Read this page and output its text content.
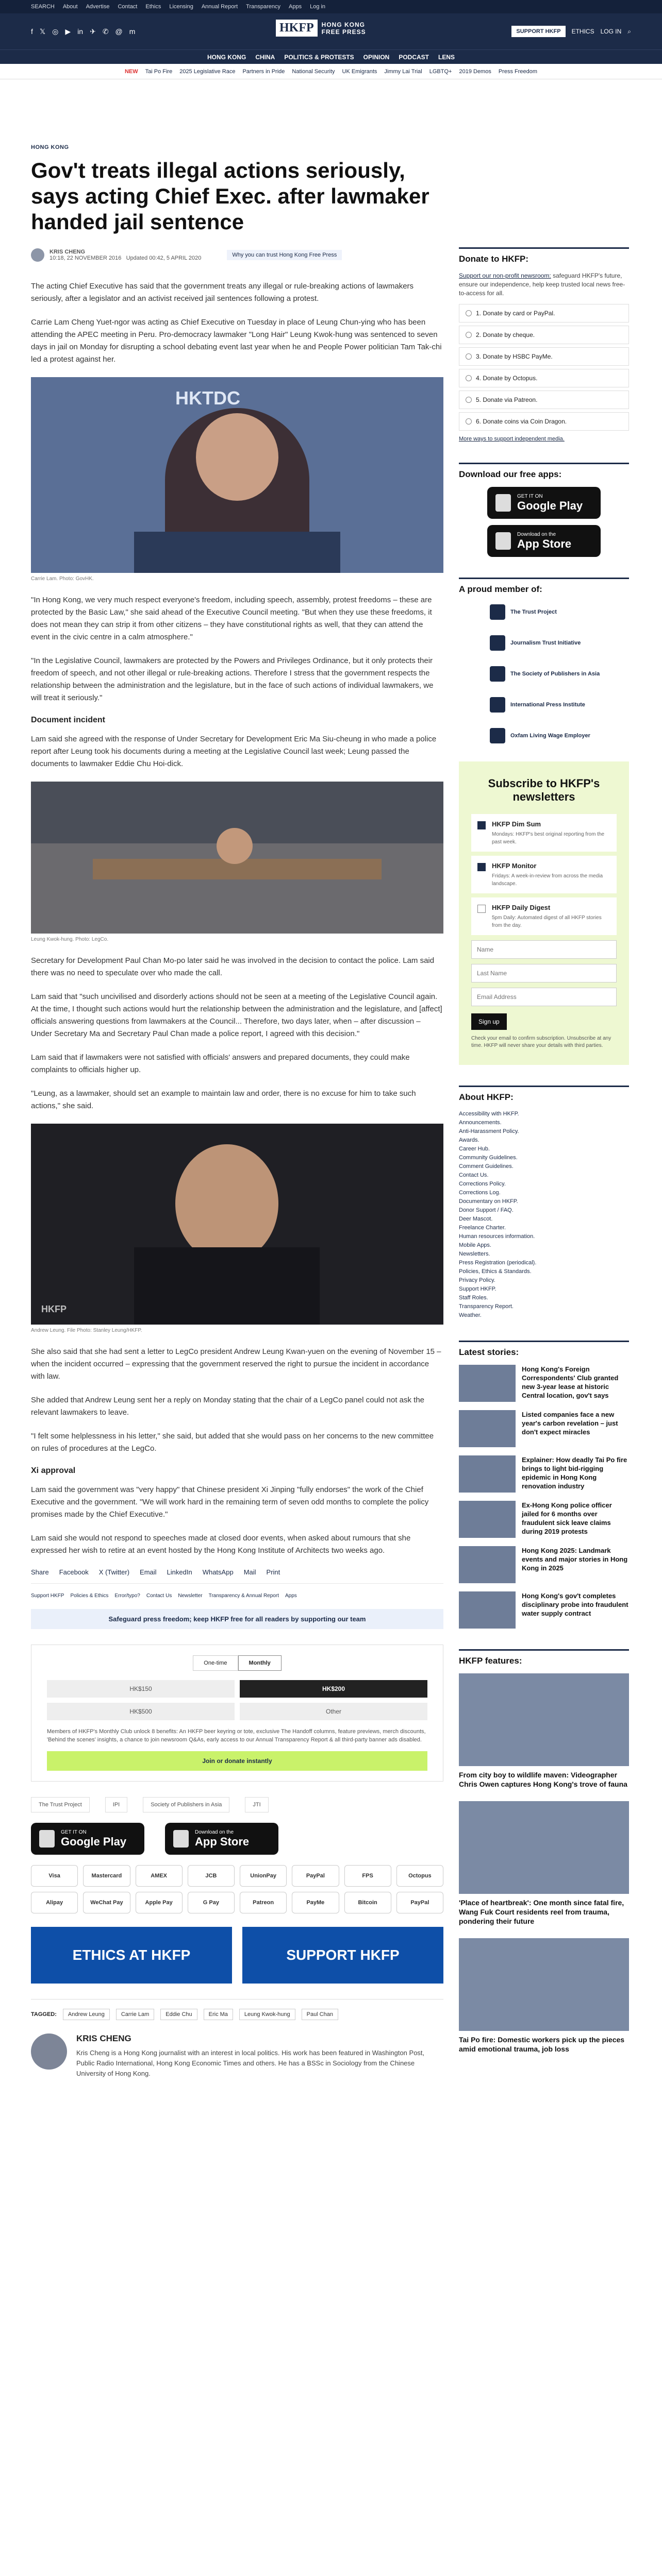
SEARCH About Advertise Contact Ethics Licensing Annual Report Transparency Apps Log in
f 𝕏 ◎ ▶ in ✈ ✆ @ m	HKFP	HONG KONG
FREE PRESS	SUPPORT HKFP	ETHICS LOG IN ⌕
HONG KONG CHINA POLITICS & PROTESTS OPINION PODCAST LENS
NEW Tai Po Fire 2025 Legislative Race Partners in Pride National Security UK Emigrants Jimmy Lai Trial LGBTQ+ 2019 Demos Press Freedom
HONG KONG
Gov't treats illegal actions seriously, says acting Chief Exec. after lawmaker handed jail sentence
KRIS CHENG
10:18, 22 NOVEMBER 2016 Updated 00:42, 5 APRIL 2020	Why you can trust Hong Kong Free Press

The acting Chief Executive has said that the government treats any illegal or rule-breaking actions of lawmakers seriously, after a legislator and an activist received jail sentences following a protest.

Carrie Lam Cheng Yuet-ngor was acting as Chief Executive on Tuesday in place of Leung Chun-ying who has been attending the APEC meeting in Peru. Pro-democracy lawmaker "Long Hair" Leung Kwok-hung was sentenced to seven days in jail on Monday for disrupting a school debating event last year when he and People Power politician Tam Tak-chi led a protest against her.

HKTDC
Carrie Lam. Photo: GovHK.

"In Hong Kong, we very much respect everyone's freedom, including speech, assembly, protest freedoms – these are protected by the Basic Law," she said ahead of the Executive Council meeting. "But when they use these freedoms, it does not mean they can strip it from other citizens – they have constitutional rights as well, that they can attend the event in the civic centre in a calm atmosphere."

"In the Legislative Council, lawmakers are protected by the Powers and Privileges Ordinance, but it only protects their freedom of speech, and not other illegal or rule-breaking actions. Therefore I stress that the government respects the relationship between the administration and the legislature, but in the face of such actions of individual lawmakers, we will treat it seriously."

Document incident

Lam said she agreed with the response of Under Secretary for Development Eric Ma Siu-cheung in who made a police report after Leung took his documents during a meeting at the Legislative Council last week; Leung passed the documents to lawmaker Eddie Chu Hoi-dick.

Leung Kwok-hung. Photo: LegCo.

Secretary for Development Paul Chan Mo-po later said he was involved in the decision to contact the police. Lam said there was no need to speculate over who made the call.

Lam said that "such uncivilised and disorderly actions should not be seen at a meeting of the Legislative Council again. At the time, I thought such actions would hurt the relationship between the administration and the legislature, and [affect] officials answering questions from lawmakers at the Council... Therefore, two days later, when – after discussion – Under Secretary Ma and Secretary Paul Chan made a police report, I agreed with this decision."

Lam said that if lawmakers were not satisfied with officials' answers and prepared documents, they could make complaints to officials higher up.

"Leung, as a lawmaker, should set an example to maintain law and order, there is no excuse for him to take such actions," she said.

HKFP
Andrew Leung. File Photo: Stanley Leung/HKFP.

She also said that she had sent a letter to LegCo president Andrew Leung Kwan-yuen on the evening of November 15 – when the incident occurred – expressing that the government reserved the right to pursue the incident in accordance with law.

She added that Andrew Leung sent her a reply on Monday stating that the chair of a LegCo panel could not ask the relevant lawmakers to leave.

"I felt some helplessness in his letter," she said, but added that she would pass on her concerns to the new committee on rules of procedures at the LegCo.

Xi approval

Lam said the government was "very happy" that Chinese president Xi Jinping "fully endorses" the work of the Chief Executive and the government. "We will work hard in the remaining term of seven odd months to complete the policy promises made by the Chief Executive."

Lam said she would not respond to speeches made at closed door events, when asked about rumours that she expressed her wish to retire at an event hosted by the Hong Kong Institute of Architects two weeks ago.

Share Facebook X (Twitter) Email LinkedIn WhatsApp Mail Print
Support HKFP Policies & Ethics Error/typo? Contact Us Newsletter Transparency & Annual Report Apps
Safeguard press freedom; keep HKFP free for all readers by supporting our team
One-time	Monthly
HK$150	HK$200
HK$500	Other
Members of HKFP's Monthly Club unlock 8 benefits: An HKFP beer keyring or tote, exclusive The Handoff columns, feature previews, merch discounts, 'Behind the scenes' insights, a chance to join newsroom Q&As, early access to our Annual Transparency Report & all third-party banner ads disabled.
Join or donate instantly
The Trust Project	IPI	Society of Publishers in Asia	JTI
GET IT ON
Google Play
Download on the
App Store
Visa	Mastercard	AMEX	JCB	UnionPay	PayPal	FPS	Octopus
Alipay	WeChat Pay	Apple Pay	G Pay	Patreon	PayMe	Bitcoin	PayPal
ETHICS AT HKFP	SUPPORT HKFP
TAGGED:	Andrew Leung	Carrie Lam	Eddie Chu	Eric Ma	Leung Kwok-hung	Paul Chan
KRIS CHENG
Kris Cheng is a Hong Kong journalist with an interest in local politics. His work has been featured in Washington Post, Public Radio International, Hong Kong Economic Times and others. He has a BSSc in Sociology from the Chinese University of Hong Kong.
Donate to HKFP:

Support our non-profit newsroom: safeguard HKFP's future, ensure our independence, help keep trusted local news free-to-access for all.

1. Donate by card or PayPal.
2. Donate by cheque.
3. Donate by HSBC PayMe.
4. Donate by Octopus.
5. Donate via Patreon.
6. Donate coins via Coin Dragon.
More ways to support independent media.
Download our free apps:
GET IT ON
Google Play
Download on the
App Store
A proud member of:
The Trust Project
Journalism Trust Initiative
The Society of Publishers in Asia
International Press Institute
Oxfam Living Wage Employer
Subscribe to HKFP's newsletters
HKFP Dim Sum
Mondays: HKFP's best original reporting from the past week.
HKFP Monitor
Fridays: A week-in-review from across the media landscape.
HKFP Daily Digest
5pm Daily: Automated digest of all HKFP stories from the day.
Name
Last Name
Email Address Sign up
Check your email to confirm subscription. Unsubscribe at any time. HKFP will never share your details with third parties.
About HKFP:
Accessibility with HKFP.
Announcements.
Anti-Harassment Policy.
Awards.
Career Hub.
Community Guidelines.
Comment Guidelines.
Contact Us.
Corrections Policy.
Corrections Log.
Documentary on HKFP.
Donor Support / FAQ.
Deer Mascot.
Freelance Charter.
Human resources information.
Mobile Apps.
Newsletters.
Press Registration (periodical).
Policies, Ethics & Standards.
Privacy Policy.
Support HKFP.
Staff Roles.
Transparency Report.
Weather.
Latest stories:
Hong Kong's Foreign Correspondents' Club granted new 3-year lease at historic Central location, gov't says
Listed companies face a new year's carbon revelation – just don't expect miracles
Explainer: How deadly Tai Po fire brings to light bid-rigging epidemic in Hong Kong renovation industry
Ex-Hong Kong police officer jailed for 6 months over fraudulent sick leave claims during 2019 protests
Hong Kong 2025: Landmark events and major stories in Hong Kong in 2025
Hong Kong's gov't completes disciplinary probe into fraudulent water supply contract
HKFP features:
From city boy to wildlife maven: Videographer Chris Owen captures Hong Kong's trove of fauna
'Place of heartbreak': One month since fatal fire, Wang Fuk Court residents reel from trauma, pondering their future
Tai Po fire: Domestic workers pick up the pieces amid emotional trauma, job loss
